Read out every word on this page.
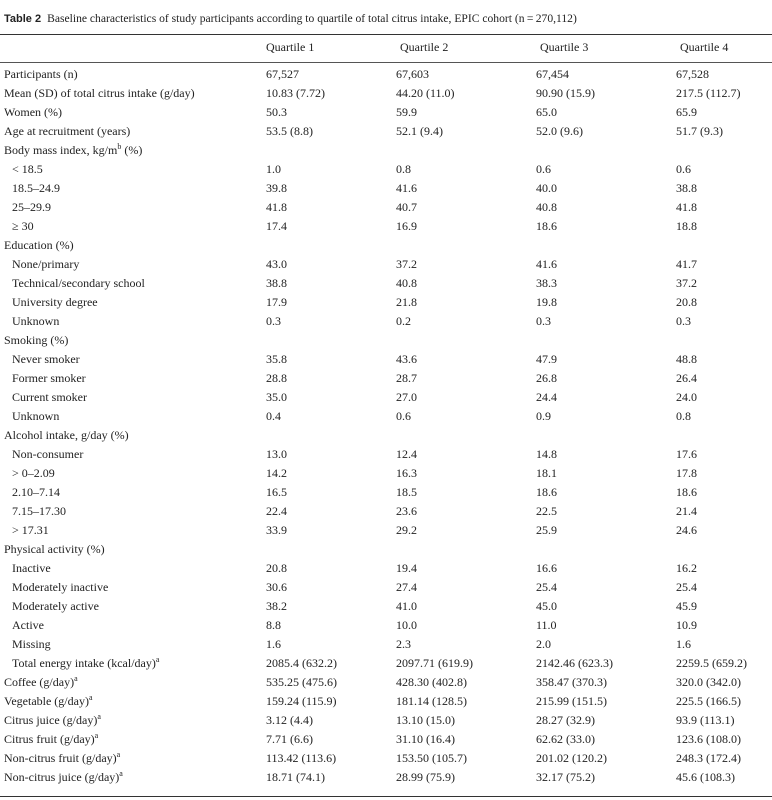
Table 2 Baseline characteristics of study participants according to quartile of total citrus intake, EPIC cohort (n = 270,112)
Quartile 1	Quartile 2	Quartile 3	Quartile 4
Participants (n)	67,527	67,603	67,454	67,528
Mean (SD) of total citrus intake (g/day)	10.83 (7.72)	44.20 (11.0)	90.90 (15.9)	217.5 (112.7)
Women (%)	50.3	59.9	65.0	65.9
Age at recruitment (years)	53.5 (8.8)	52.1 (9.4)	52.0 (9.6)	51.7 (9.3)
Body mass index, $kg/m^b$ (%)				
< 18.5	1.0	0.8	0.6	0.6
18.5–24.9	39.8	41.6	40.0	38.8
25–29.9	41.8	40.7	40.8	41.8
≥ 30	17.4	16.9	18.6	18.8
Education (%)				
None/primary	43.0	37.2	41.6	41.7
Technical/secondary school	38.8	40.8	38.3	37.2
University degree	17.9	21.8	19.8	20.8
Unknown	0.3	0.2	0.3	0.3
Smoking (%)				
Never smoker	35.8	43.6	47.9	48.8
Former smoker	28.8	28.7	26.8	26.4
Current smoker	35.0	27.0	24.4	24.0
Unknown	0.4	0.6	0.9	0.8
Alcohol intake, g/day (%)				
Non-consumer	13.0	12.4	14.8	17.6
> 0–2.09	14.2	16.3	18.1	17.8
2.10–7.14	16.5	18.5	18.6	18.6
7.15–17.30	22.4	23.6	22.5	21.4
> 17.31	33.9	29.2	25.9	24.6
Physical activity (%)				
Inactive	20.8	19.4	16.6	16.2
Moderately inactive	30.6	27.4	25.4	25.4
Moderately active	38.2	41.0	45.0	45.9
Active	8.8	10.0	11.0	10.9
Missing	1.6	2.3	2.0	1.6
Total energy intake (kcal/day)$^a$	2085.4 (632.2)	2097.71 (619.9)	2142.46 (623.3)	2259.5 (659.2)
Coffee $(g/day)^a$	535.25 (475.6)	428.30 (402.8)	358.47 (370.3)	320.0 (342.0)
Vegetable $(g/day)^a$	159.24 (115.9)	181.14 (128.5)	215.99 (151.5)	225.5 (166.5)
Citrus juice $(g/day)^a$	3.12 (4.4)	13.10 (15.0)	28.27 (32.9)	93.9 (113.1)
Citrus fruit $(g/day)^a$	7.71 (6.6)	31.10 (16.4)	62.62 (33.0)	123.6 (108.0)
Non-citrus fruit $(g/day)^a$	113.42 (113.6)	153.50 (105.7)	201.02 (120.2)	248.3 (172.4)
Non-citrus juice $(g/day)^a$	18.71 (74.1)	28.99 (75.9)	32.17 (75.2)	45.6 (108.3)
